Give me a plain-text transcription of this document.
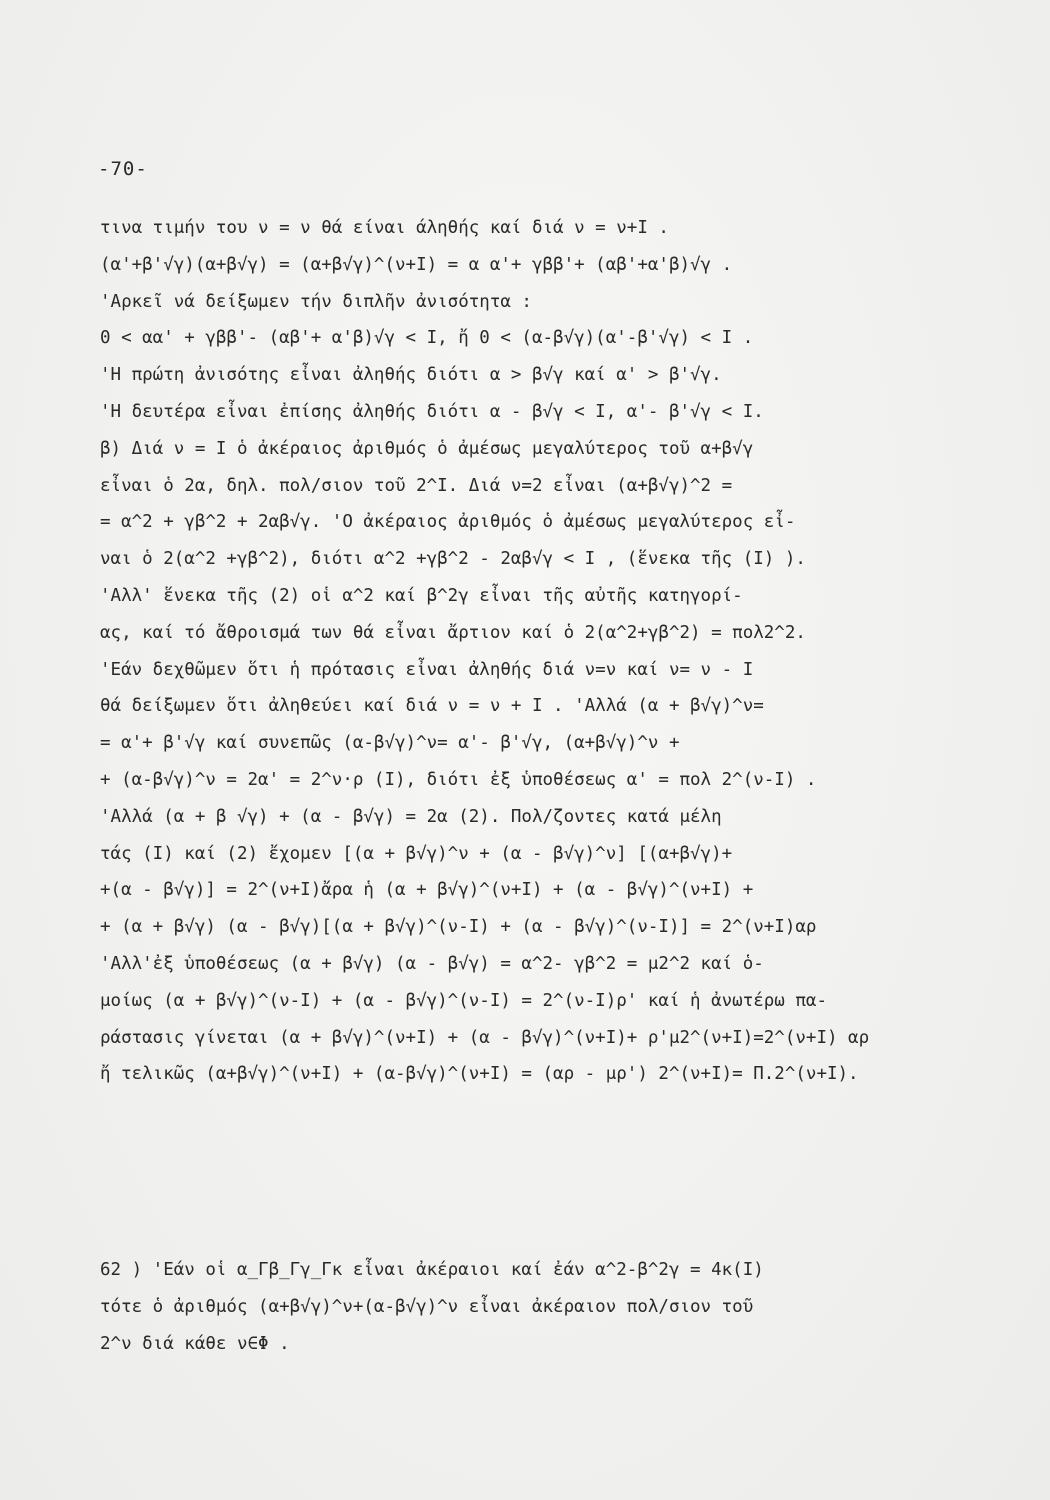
-70-
τινα τιμήν του ν = ν θά είναι άληθής καί διά ν = ν+Ι .
(α'+β'√γ)(α+β√γ) = (α+β√γ)^(ν+Ι) = α α'+ γββ'+ (αβ'+α'β)√γ .
'Αρκεῖ νά δείξωμεν τήν διπλῆν ἀνισότητα :
0 < αα' + γββ'- (αβ'+ α'β)√γ < Ι, ἤ 0 < (α-β√γ)(α'-β'√γ) < Ι .
'Η πρώτη ἀνισότης εἶναι ἀληθής διότι α > β√γ καί α' > β'√γ.
'Η δευτέρα εἶναι ἐπίσης ἀληθής διότι α - β√γ < Ι, α'- β'√γ < Ι.
β) Διά ν = Ι ὁ ἀκέραιος ἀριθμός ὁ ἀμέσως μεγαλύτερος τοῦ α+β√γ
εἶναι ὁ 2α, δηλ. πολ/σιον τοῦ 2^Ι. Διά ν=2 εἶναι (α+β√γ)^2 =
= α^2 + γβ^2 + 2αβ√γ. 'Ο ἀκέραιος ἀριθμός ὁ ἀμέσως μεγαλύτερος εἶ-
ναι ὁ 2(α^2 +γβ^2), διότι α^2 +γβ^2 - 2αβ√γ < Ι , (ἕνεκα τῆς (Ι) ).
'Αλλ' ἕνεκα τῆς (2) οἱ α^2 καί β^2γ εἶναι τῆς αὐτῆς κατηγορί-
ας, καί τό ἄθροισμά των θά εἶναι ἄρτιον καί ὁ 2(α^2+γβ^2) = πολ2^2.
'Εάν δεχθῶμεν ὅτι ἡ πρότασις εἶναι ἀληθής διά ν=ν καί ν= ν - Ι
θά δείξωμεν ὅτι ἀληθεύει καί διά ν = ν + Ι . 'Αλλά (α + β√γ)^ν=
= α'+ β'√γ καί συνεπῶς (α-β√γ)^ν= α'- β'√γ, (α+β√γ)^ν +
+ (α-β√γ)^ν = 2α' = 2^ν·ρ (Ι), διότι ἐξ ὑποθέσεως α' = πολ 2^(ν-Ι) .
'Αλλά (α + β √γ) + (α - β√γ) = 2α (2). Πολ/ζοντες κατά μέλη
τάς (Ι) καί (2) ἔχομεν [(α + β√γ)^ν + (α - β√γ)^ν] [(α+β√γ)+
+(α - β√γ)] = 2^(ν+Ι)ἄρα ἡ (α + β√γ)^(ν+Ι) + (α - β√γ)^(ν+Ι) +
+ (α + β√γ) (α - β√γ)[(α + β√γ)^(ν-Ι) + (α - β√γ)^(ν-Ι)] = 2^(ν+Ι)αρ
'Αλλ'ἐξ ὑποθέσεως (α + β√γ) (α - β√γ) = α^2- γβ^2 = μ2^2 καί ὁ-
μοίως (α + β√γ)^(ν-Ι) + (α - β√γ)^(ν-Ι) = 2^(ν-Ι)ρ' καί ἡ ἀνωτέρω πα-
ράστασις γίνεται (α + β√γ)^(ν+Ι) + (α - β√γ)^(ν+Ι)+ ρ'μ2^(ν+Ι)=2^(ν+Ι) αρ
ἤ τελικῶς (α+β√γ)^(ν+Ι) + (α-β√γ)^(ν+Ι) = (αρ - μρ') 2^(ν+Ι)= Π.2^(ν+Ι).
62 ) 'Εάν οἱ α_Γβ_Γγ_Γκ εἶναι ἀκέραιοι καί ἐάν α^2-β^2γ = 4κ(Ι)
τότε ὁ ἀριθμός (α+β√γ)^ν+(α-β√γ)^ν εἶναι ἀκέραιον πολ/σιον τοῦ
2^ν διά κάθε ν∈Φ .
